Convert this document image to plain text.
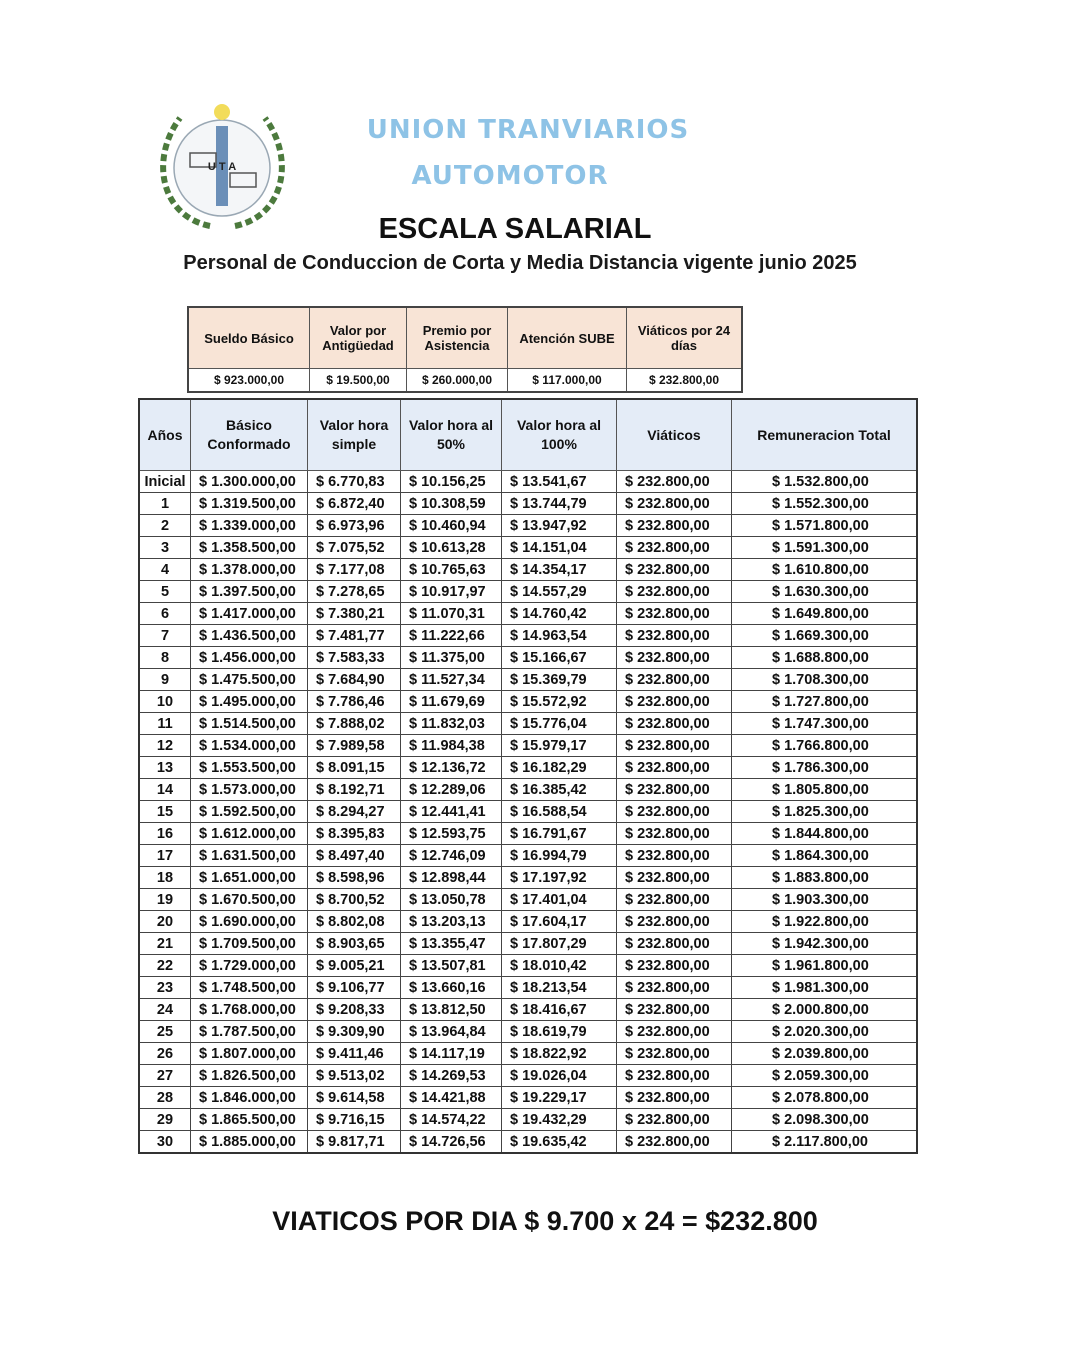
U T A
UNION TRANVIARIOS
AUTOMOTOR
ESCALA SALARIAL
Personal de Conduccion de Corta y Media Distancia vigente junio 2025
Sueldo Básico	Valor por Antigüedad	Premio por Asistencia	Atención SUBE	Viáticos por 24 días
$ 923.000,00	$ 19.500,00	$ 260.000,00	$ 117.000,00	$ 232.800,00
Años	Básico Conformado	Valor hora simple	Valor hora al 50%	Valor hora al 100%	Viáticos	Remuneracion Total
Inicial	$ 1.300.000,00	$ 6.770,83	$ 10.156,25	$ 13.541,67	$ 232.800,00	$ 1.532.800,00
1	$ 1.319.500,00	$ 6.872,40	$ 10.308,59	$ 13.744,79	$ 232.800,00	$ 1.552.300,00
2	$ 1.339.000,00	$ 6.973,96	$ 10.460,94	$ 13.947,92	$ 232.800,00	$ 1.571.800,00
3	$ 1.358.500,00	$ 7.075,52	$ 10.613,28	$ 14.151,04	$ 232.800,00	$ 1.591.300,00
4	$ 1.378.000,00	$ 7.177,08	$ 10.765,63	$ 14.354,17	$ 232.800,00	$ 1.610.800,00
5	$ 1.397.500,00	$ 7.278,65	$ 10.917,97	$ 14.557,29	$ 232.800,00	$ 1.630.300,00
6	$ 1.417.000,00	$ 7.380,21	$ 11.070,31	$ 14.760,42	$ 232.800,00	$ 1.649.800,00
7	$ 1.436.500,00	$ 7.481,77	$ 11.222,66	$ 14.963,54	$ 232.800,00	$ 1.669.300,00
8	$ 1.456.000,00	$ 7.583,33	$ 11.375,00	$ 15.166,67	$ 232.800,00	$ 1.688.800,00
9	$ 1.475.500,00	$ 7.684,90	$ 11.527,34	$ 15.369,79	$ 232.800,00	$ 1.708.300,00
10	$ 1.495.000,00	$ 7.786,46	$ 11.679,69	$ 15.572,92	$ 232.800,00	$ 1.727.800,00
11	$ 1.514.500,00	$ 7.888,02	$ 11.832,03	$ 15.776,04	$ 232.800,00	$ 1.747.300,00
12	$ 1.534.000,00	$ 7.989,58	$ 11.984,38	$ 15.979,17	$ 232.800,00	$ 1.766.800,00
13	$ 1.553.500,00	$ 8.091,15	$ 12.136,72	$ 16.182,29	$ 232.800,00	$ 1.786.300,00
14	$ 1.573.000,00	$ 8.192,71	$ 12.289,06	$ 16.385,42	$ 232.800,00	$ 1.805.800,00
15	$ 1.592.500,00	$ 8.294,27	$ 12.441,41	$ 16.588,54	$ 232.800,00	$ 1.825.300,00
16	$ 1.612.000,00	$ 8.395,83	$ 12.593,75	$ 16.791,67	$ 232.800,00	$ 1.844.800,00
17	$ 1.631.500,00	$ 8.497,40	$ 12.746,09	$ 16.994,79	$ 232.800,00	$ 1.864.300,00
18	$ 1.651.000,00	$ 8.598,96	$ 12.898,44	$ 17.197,92	$ 232.800,00	$ 1.883.800,00
19	$ 1.670.500,00	$ 8.700,52	$ 13.050,78	$ 17.401,04	$ 232.800,00	$ 1.903.300,00
20	$ 1.690.000,00	$ 8.802,08	$ 13.203,13	$ 17.604,17	$ 232.800,00	$ 1.922.800,00
21	$ 1.709.500,00	$ 8.903,65	$ 13.355,47	$ 17.807,29	$ 232.800,00	$ 1.942.300,00
22	$ 1.729.000,00	$ 9.005,21	$ 13.507,81	$ 18.010,42	$ 232.800,00	$ 1.961.800,00
23	$ 1.748.500,00	$ 9.106,77	$ 13.660,16	$ 18.213,54	$ 232.800,00	$ 1.981.300,00
24	$ 1.768.000,00	$ 9.208,33	$ 13.812,50	$ 18.416,67	$ 232.800,00	$ 2.000.800,00
25	$ 1.787.500,00	$ 9.309,90	$ 13.964,84	$ 18.619,79	$ 232.800,00	$ 2.020.300,00
26	$ 1.807.000,00	$ 9.411,46	$ 14.117,19	$ 18.822,92	$ 232.800,00	$ 2.039.800,00
27	$ 1.826.500,00	$ 9.513,02	$ 14.269,53	$ 19.026,04	$ 232.800,00	$ 2.059.300,00
28	$ 1.846.000,00	$ 9.614,58	$ 14.421,88	$ 19.229,17	$ 232.800,00	$ 2.078.800,00
29	$ 1.865.500,00	$ 9.716,15	$ 14.574,22	$ 19.432,29	$ 232.800,00	$ 2.098.300,00
30	$ 1.885.000,00	$ 9.817,71	$ 14.726,56	$ 19.635,42	$ 232.800,00	$ 2.117.800,00
VIATICOS POR DIA $ 9.700 x 24 = $232.800
